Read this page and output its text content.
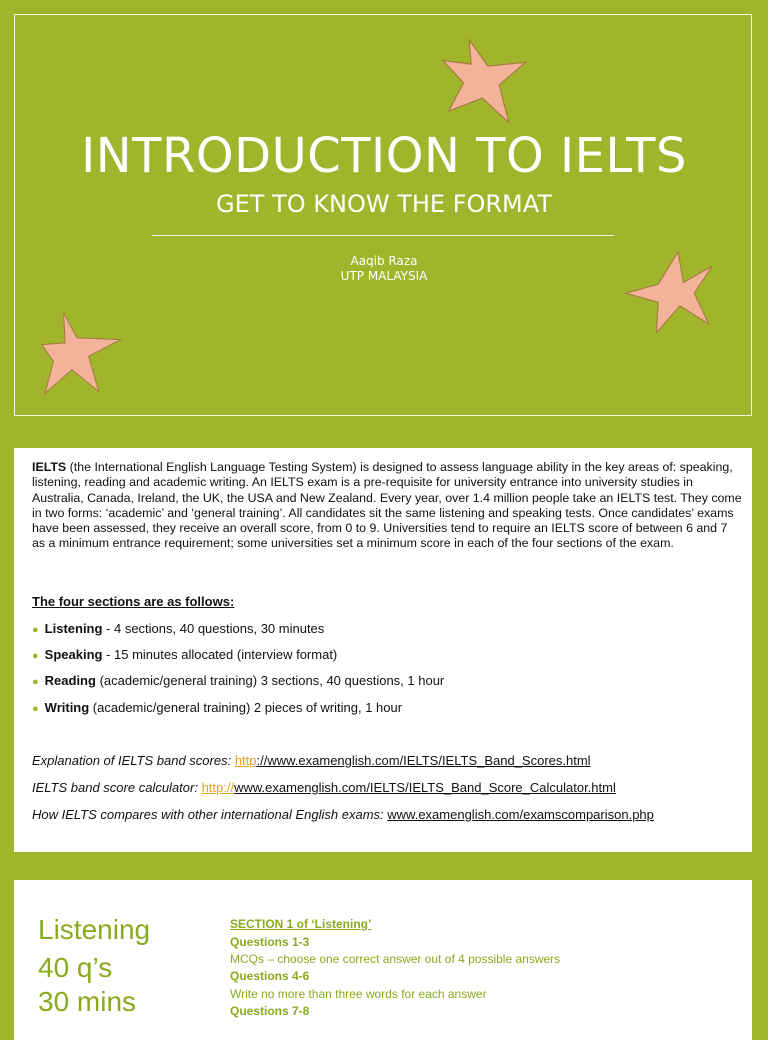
INTRODUCTION TO IELTS
GET TO KNOW THE FORMAT
Aaqib Raza
UTP MALAYSIA
IELTS (the International English Language Testing System) is designed to assess language ability in the key areas of: speaking, listening, reading and academic writing. An IELTS exam is a pre-requisite for university entrance into university studies in Australia, Canada, Ireland, the UK, the USA and New Zealand. Every year, over 1.4 million people take an IELTS test. They come in two forms: ‘academic’ and ‘general training’. All candidates sit the same listening and speaking tests. Once candidates’ exams have been assessed, they receive an overall score, from 0 to 9. Universities tend to require an IELTS score of between 6 and 7 as a minimum entrance requirement; some universities set a minimum score in each of the four sections of the exam.
The four sections are as follows:
● Listening - 4 sections, 40 questions, 30 minutes
● Speaking - 15 minutes allocated (interview format)
● Reading (academic/general training) 3 sections, 40 questions, 1 hour
● Writing (academic/general training) 2 pieces of writing, 1 hour
Explanation of IELTS band scores: http://www.examenglish.com/IELTS/IELTS_Band_Scores.html
IELTS band score calculator: http://www.examenglish.com/IELTS/IELTS_Band_Score_Calculator.html
How IELTS compares with other international English exams: www.examenglish.com/examscomparison.php
Listening
40 q’s
30 mins
SECTION 1 of ‘Listening’
Questions 1-3
MCQs – choose one correct answer out of 4 possible answers
Questions 4-6
Write no more than three words for each answer
Questions 7-8
